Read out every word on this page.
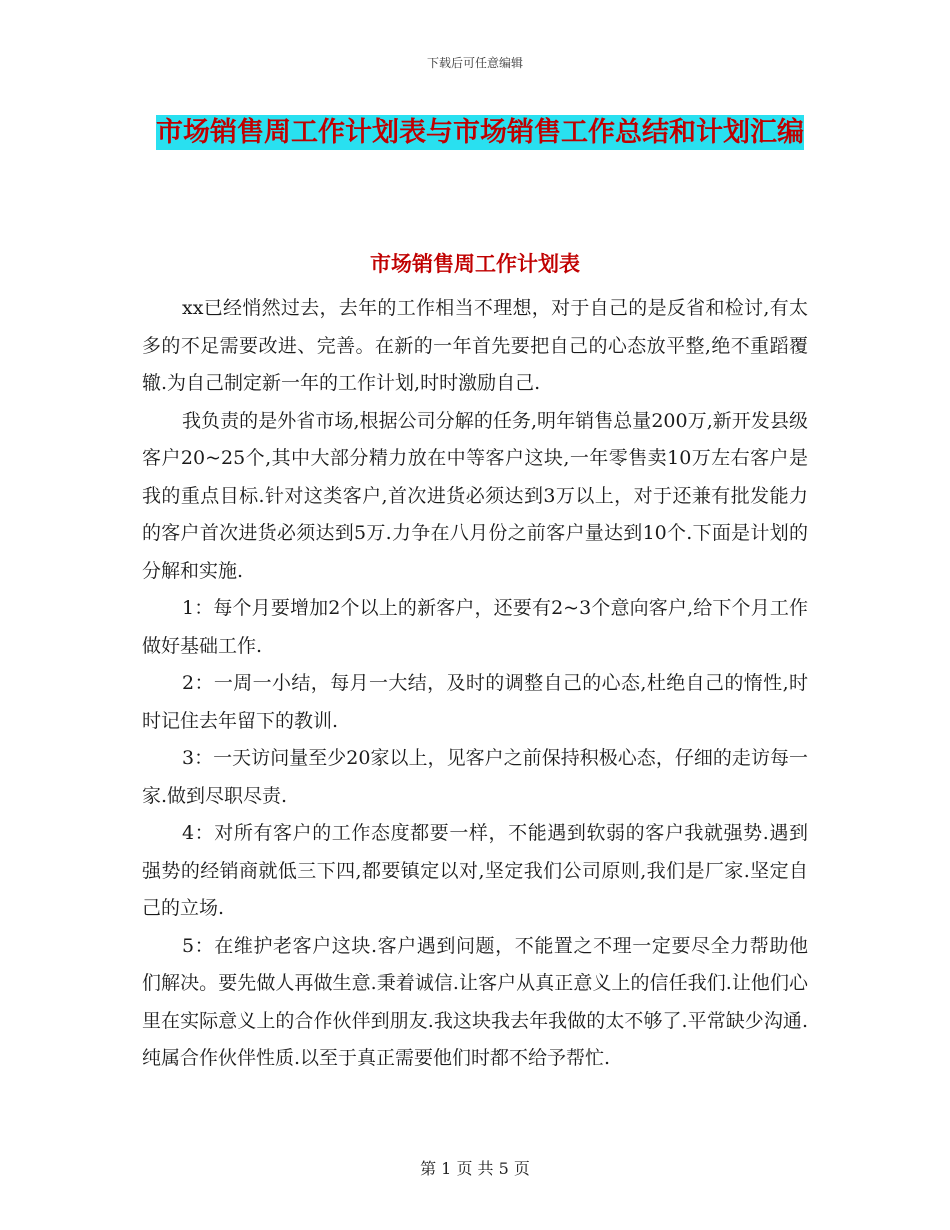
下载后可任意编辑
市场销售周工作计划表与市场销售工作总结和计划汇编
市场销售周工作计划表

xx已经悄然过去，去年的工作相当不理想，对于自己的是反省和检讨,有太多的不足需要改进、完善。在新的一年首先要把自己的心态放平整,绝不重蹈覆辙.为自己制定新一年的工作计划,时时激励自己.

我负责的是外省市场,根据公司分解的任务,明年销售总量200万,新开发县级客户20~25个,其中大部分精力放在中等客户这块,一年零售卖10万左右客户是我的重点目标.针对这类客户,首次进货必须达到3万以上，对于还兼有批发能力的客户首次进货必须达到5万.力争在八月份之前客户量达到10个.下面是计划的分解和实施.

1：每个月要增加2个以上的新客户，还要有2~3个意向客户,给下个月工作做好基础工作.

2：一周一小结，每月一大结，及时的调整自己的心态,杜绝自己的惰性,时时记住去年留下的教训.

3：一天访问量至少20家以上，见客户之前保持积极心态，仔细的走访每一家.做到尽职尽责.

4：对所有客户的工作态度都要一样，不能遇到软弱的客户我就强势.遇到强势的经销商就低三下四,都要镇定以对,坚定我们公司原则,我们是厂家.坚定自己的立场.

5：在维护老客户这块.客户遇到问题，不能置之不理一定要尽全力帮助他们解决。要先做人再做生意.秉着诚信.让客户从真正意义上的信任我们.让他们心里在实际意义上的合作伙伴到朋友.我这块我去年我做的太不够了.平常缺少沟通.纯属合作伙伴性质.以至于真正需要他们时都不给予帮忙.

第 1 页 共 5 页
